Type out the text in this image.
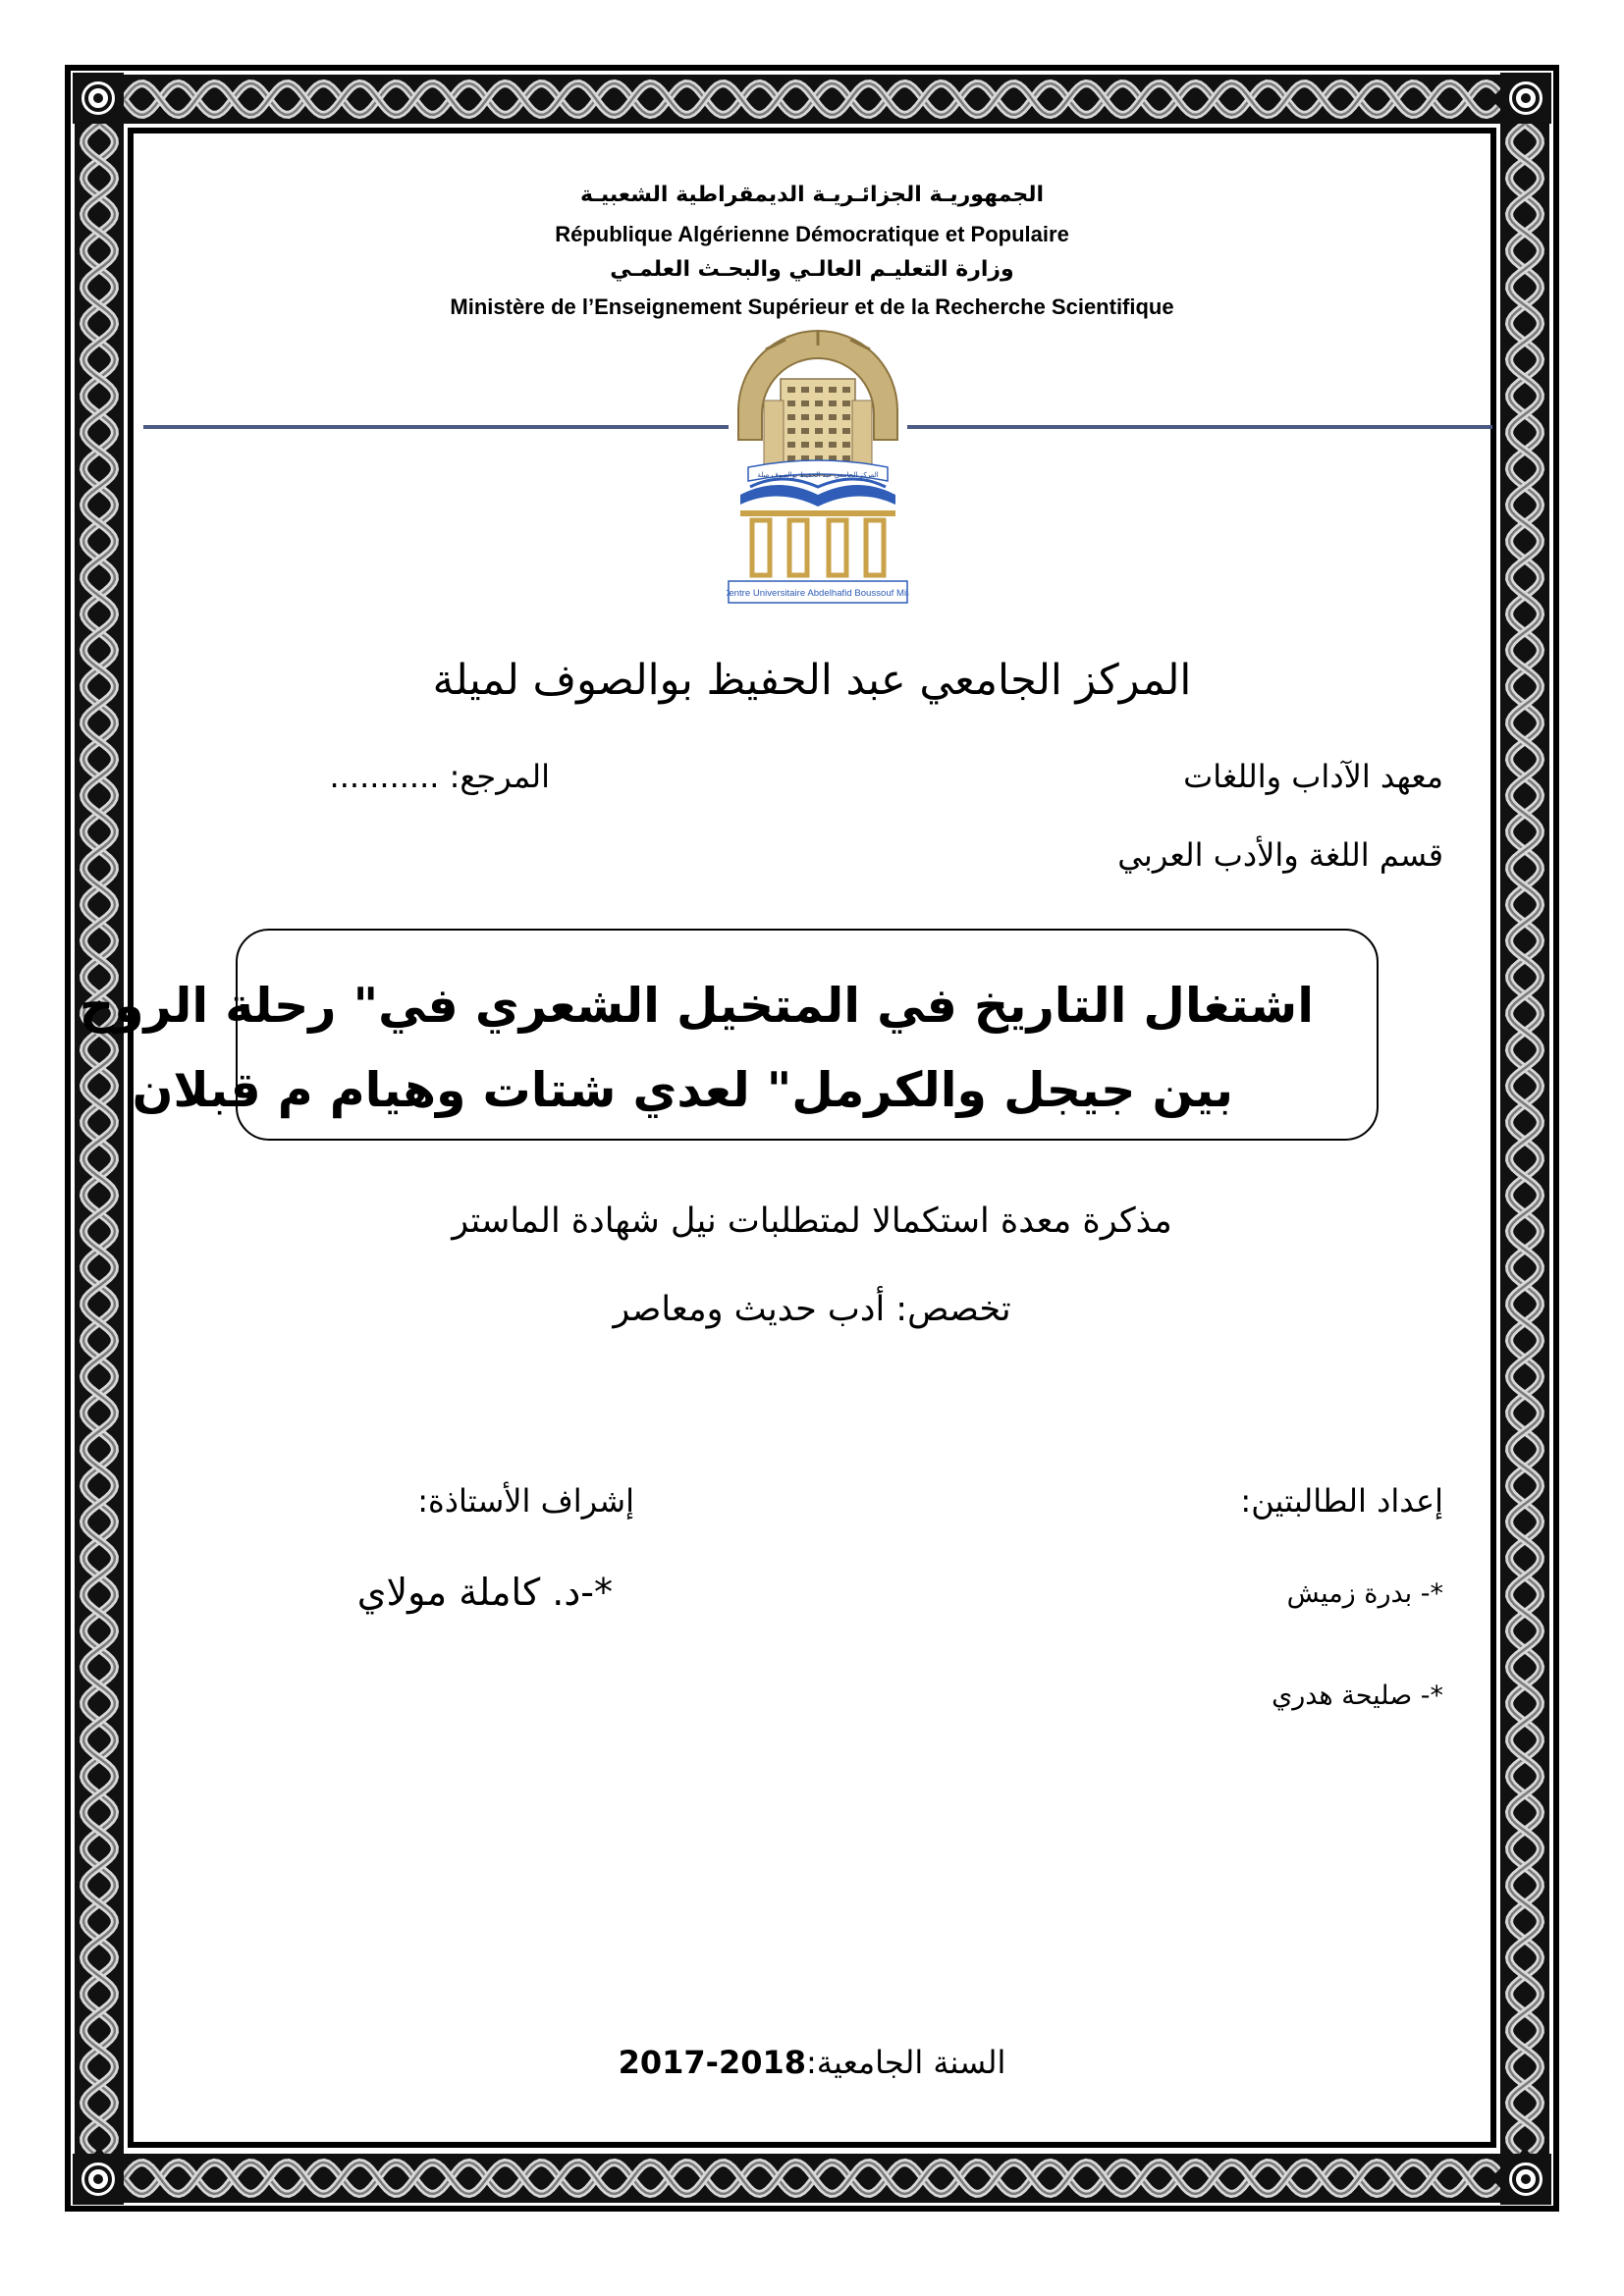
الجمهوريـة الجزائـريـة الديمقراطية الشعبيـة
République Algérienne Démocratique et Populaire
وزارة التعليـم العالـي والبحـث العلمـي
Ministère de l’Enseignement Supérieur et de la Recherche Scientifique
المركز الجامعي عبد الحفيظ بوالصوف ميلة
Centre Universitaire Abdelhafid Boussouf Mila
المركز الجامعي عبد الحفيظ بوالصوف لميلة
معهد الآداب واللغات
المرجع: ...........
قسم اللغة والأدب العربي
اشتغال التاريخ في المتخيل الشعري في" رحلة الروح
بين جيجل والكرمل" لعدي شتات وهيام م قبلان
مذكرة معدة استكمالا لمتطلبات نيل شهادة الماستر
تخصص: أدب حديث ومعاصر
إعداد الطالبتين:
إشراف الأستاذة:
*- بدرة زميش
*-د. كاملة مولاي
*- صليحة هدري
السنة الجامعية:2017-2018
